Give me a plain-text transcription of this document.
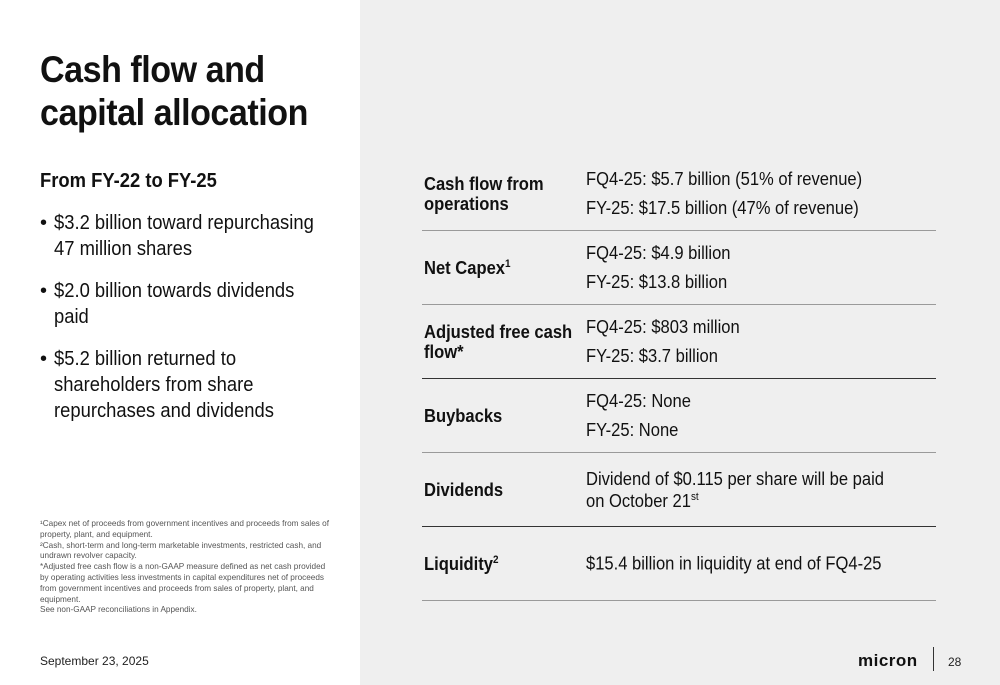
Cash flow and
capital allocation
From FY-22 to FY-25
• $3.2 billion toward repurchasing 47 million shares
• $2.0 billion towards dividends paid
• $5.2 billion returned to shareholders from share repurchases and dividends
¹Capex net of proceeds from government incentives and proceeds from sales of property, plant, and equipment.
²Cash, short-term and long-term marketable investments, restricted cash, and undrawn revolver capacity.
*Adjusted free cash flow is a non-GAAP measure defined as net cash provided by operating activities less investments in capital expenditures net of proceeds from government incentives and proceeds from sales of property, plant, and equipment.
See non-GAAP reconciliations in Appendix.
September 23, 2025
Cash flow from operations
FQ4-25: $5.7 billion (51% of revenue)
FY-25: $17.5 billion (47% of revenue)
Net Capex$^1$
FQ4-25: $4.9 billion
FY-25: $13.8 billion
Adjusted free cash flow*
FQ4-25: $803 million
FY-25: $3.7 billion
Buybacks
FQ4-25: None
FY-25: None
Dividends
Dividend of $0.115 per share will be paid on October 21st
Liquidity$^2$	$15.4 billion in liquidity at end of FQ4-25
micron	28
